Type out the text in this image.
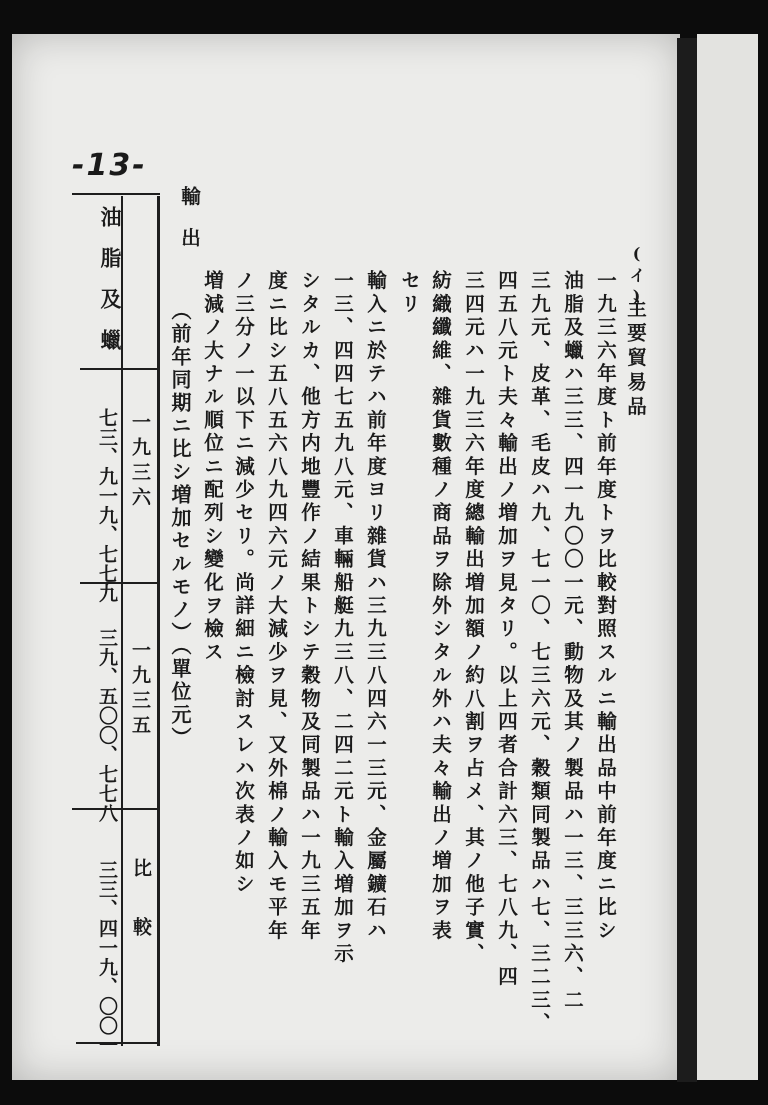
-13-
(イ)
主要貿易品
一九三六年度ト前年度トヲ比較對照スルニ輸出品中前年度ニ比シ
油脂及蠟ハ三三、四一九〇〇一元、動物及其ノ製品ハ一三、三三六、二
三九元、皮革、毛皮ハ九、七一〇、七三六元、穀類同製品ハ七、三二三、
四五八元ト夫々輸出ノ増加ヲ見タリ。以上四者合計六三、七八九、四
三四元ハ一九三六年度總輸出増加額ノ約八割ヲ占メ、其ノ他子實、
紡織纖維、雜貨數種ノ商品ヲ除外シタル外ハ夫々輸出ノ増加ヲ表
セリ
輸入ニ於テハ前年度ヨリ雜貨ハ三九三八四六一三元、金屬鑛石ハ
一三、四四七五九八元、車輛船艇九三八、二四二元ト輸入増加ヲ示
シタルカ、他方内地豐作ノ結果トシテ穀物及同製品ハ一九三五年
度ニ比シ五八五六八九四六元ノ大減少ヲ見、又外棉ノ輸入モ平年
ノ三分ノ一以下ニ減少セリ。尚詳細ニ檢討スレハ次表ノ如シ
輸出
増減ノ大ナル順位ニ配列シ變化ヲ檢ス
（前年同期ニ比シ増加セルモノ）（單位元）
油脂及蠟
一九三六
七三、九一九、七七九
一九三五
三九、五〇〇、七七八
比較
三三、四一九、〇〇一
